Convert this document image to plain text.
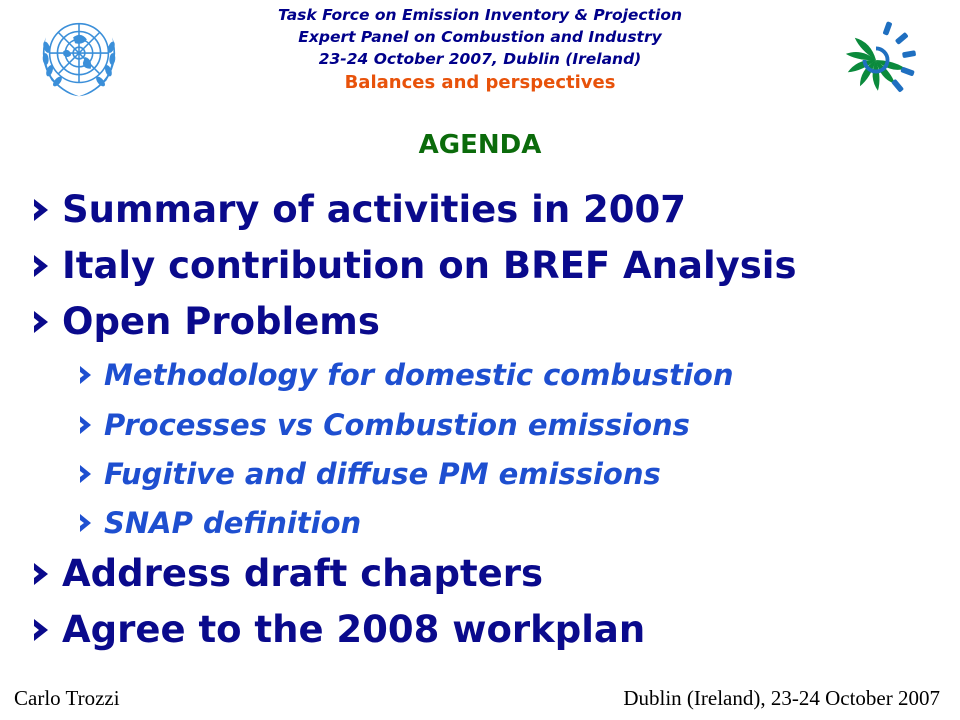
Task Force on Emission Inventory & Projection

Expert Panel on Combustion and Industry

23-24 October 2007, Dublin (Ireland)

Balances and perspectives
AGENDA
Summary of activities in 2007
Italy contribution on BREF Analysis
Open Problems
Methodology for domestic combustion
Processes vs Combustion emissions
Fugitive and diffuse PM emissions
SNAP definition
Address draft chapters
Agree to the 2008 workplan
Carlo Trozzi	Dublin (Ireland), 23-24 October 2007
